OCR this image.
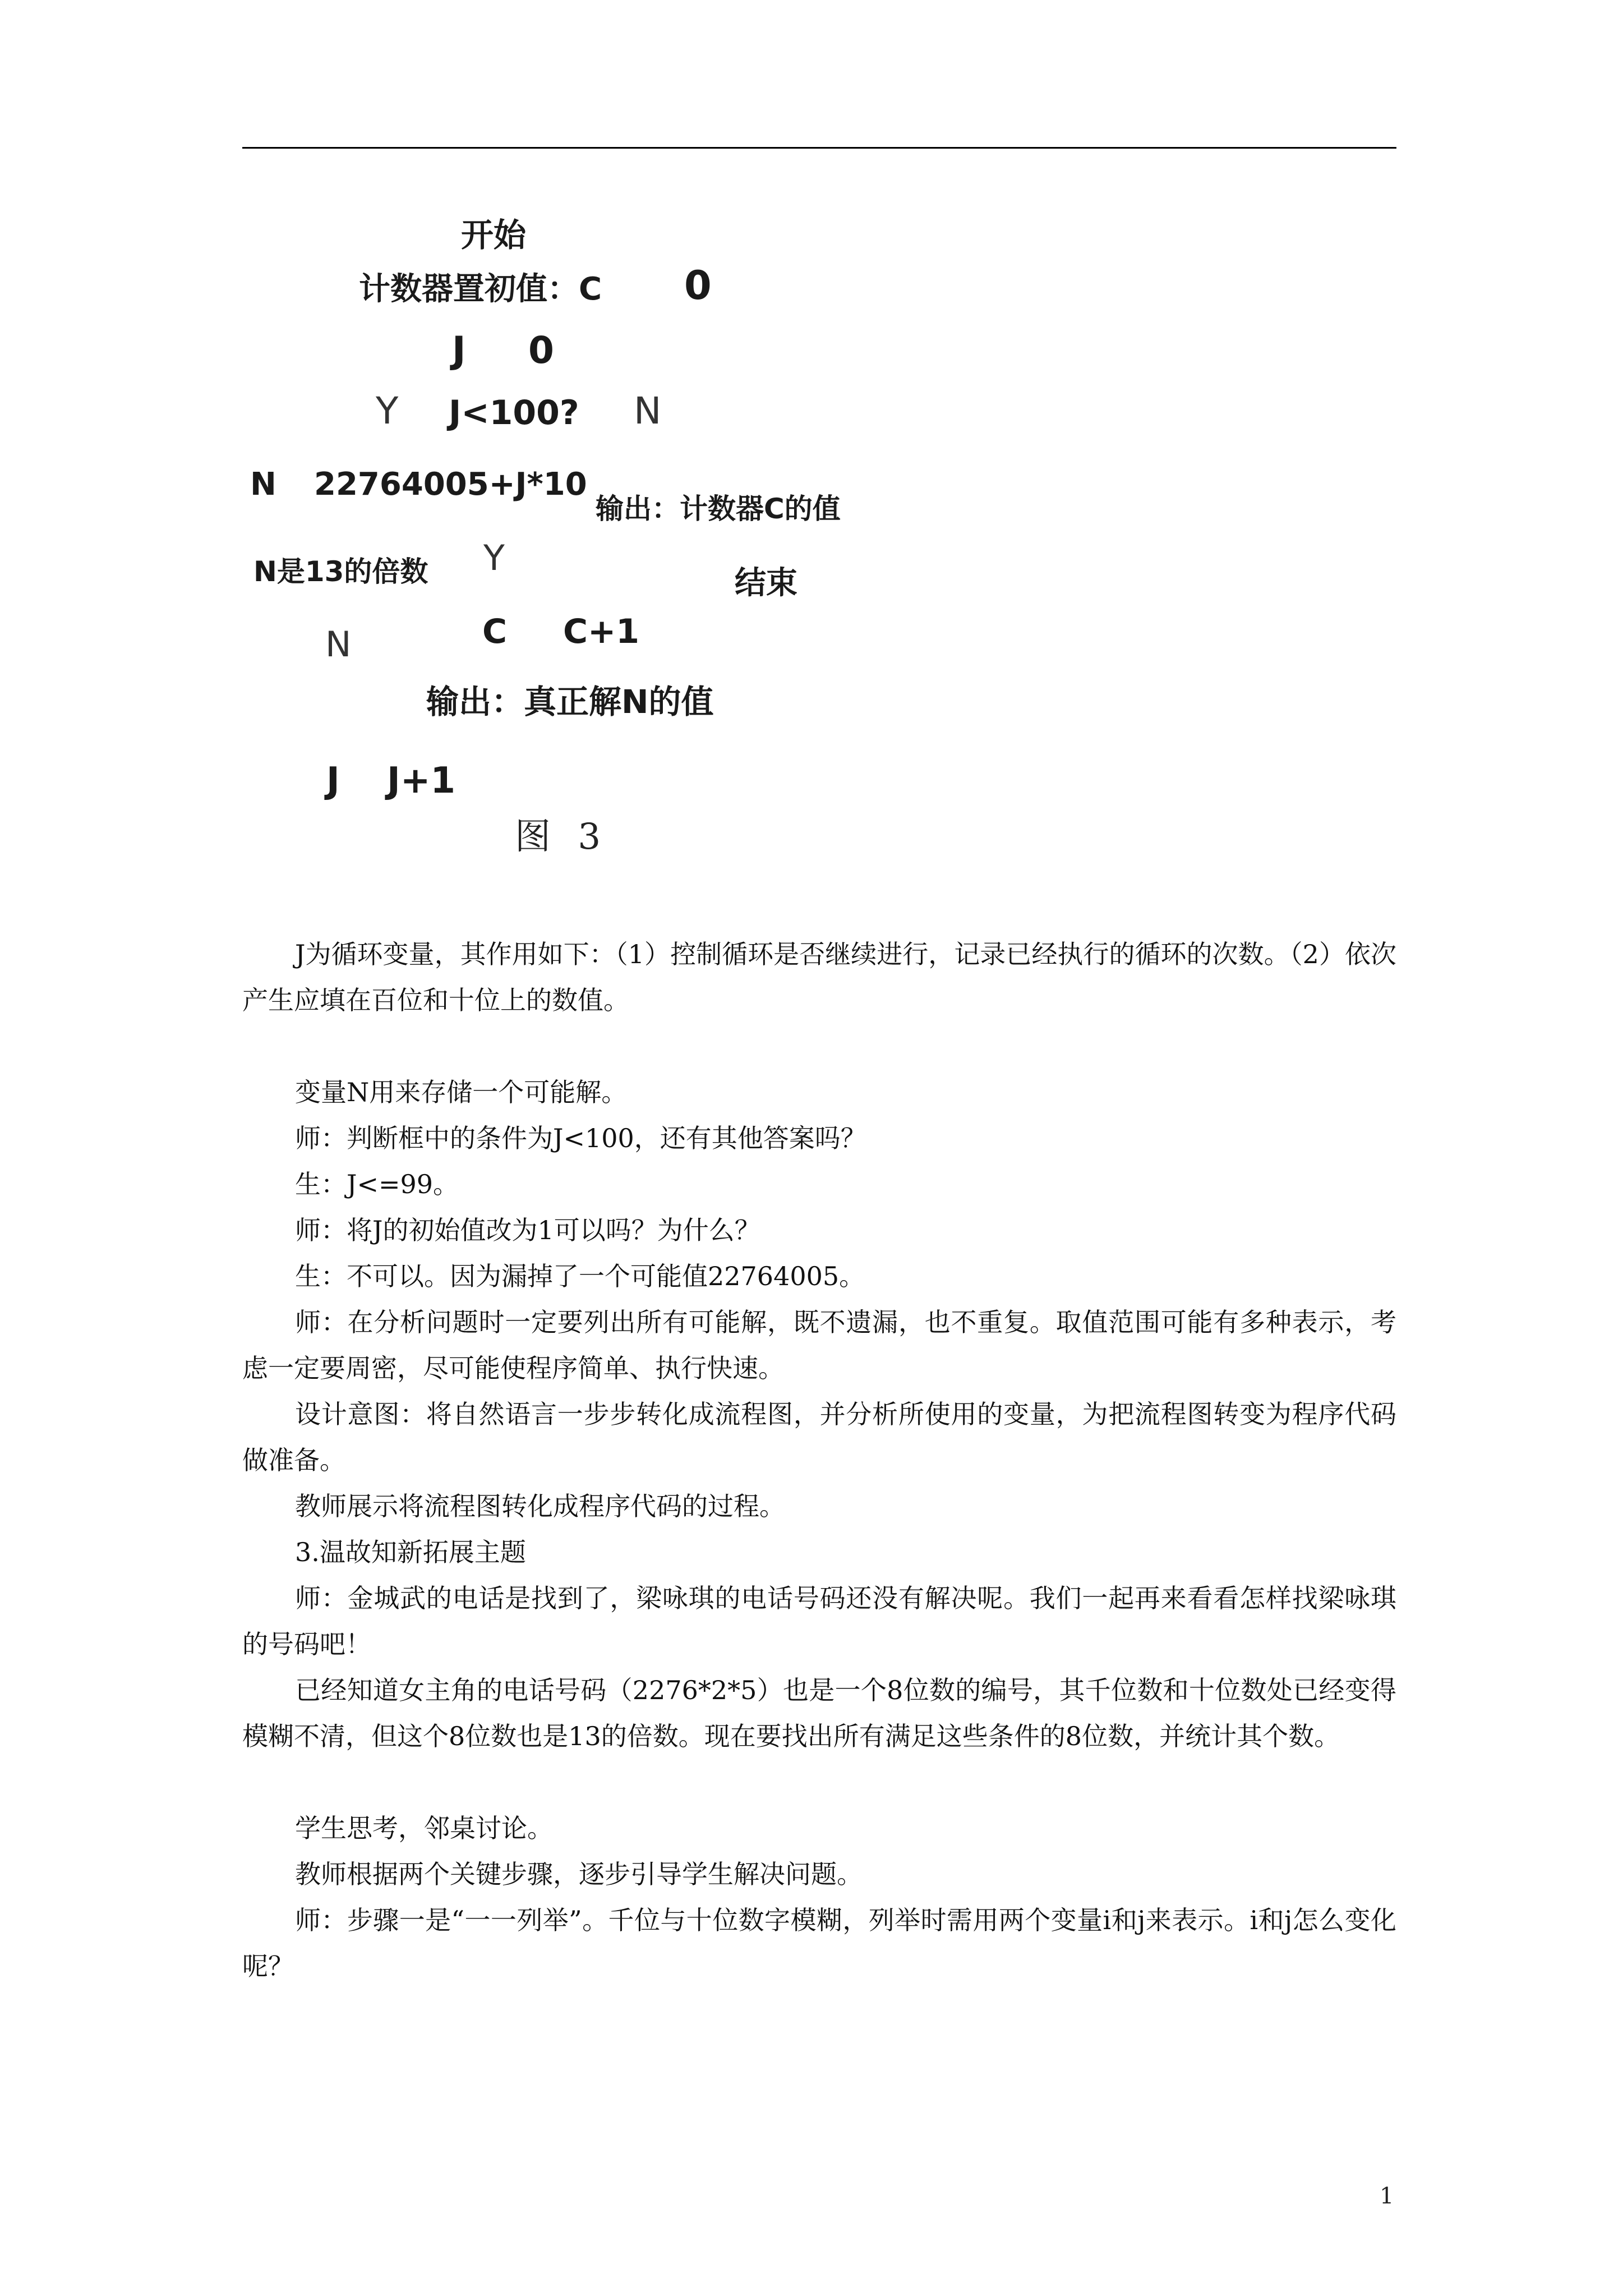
开始
计数器置初值：C 0
J 0
Y J<100? N
N 22764005+J*10
输出：计数器C的值
Y
N是13的倍数	结束
N	C C+1
输出：真正解N的值
J J+1
图 3

J为循环变量，其作用如下：（1）控制循环是否继续进行，记录已经执行的循环的次数。（2）依次产生应填在百位和十位上的数值。

变量N用来存储一个可能解。

师：判断框中的条件为J<100，还有其他答案吗？

生：J<=99。

师：将J的初始值改为1可以吗？为什么？

生：不可以。因为漏掉了一个可能值22764005。

师：在分析问题时一定要列出所有可能解，既不遗漏，也不重复。取值范围可能有多种表示，考虑一定要周密，尽可能使程序简单、执行快速。

设计意图：将自然语言一步步转化成流程图，并分析所使用的变量，为把流程图转变为程序代码做准备。

教师展示将流程图转化成程序代码的过程。

3.温故知新拓展主题

师：金城武的电话是找到了，梁咏琪的电话号码还没有解决呢。我们一起再来看看怎样找梁咏琪的号码吧！

已经知道女主角的电话号码（2276*2*5）也是一个8位数的编号，其千位数和十位数处已经变得模糊不清，但这个8位数也是13的倍数。现在要找出所有满足这些条件的8位数，并统计其个数。

学生思考，邻桌讨论。

教师根据两个关键步骤，逐步引导学生解决问题。

师：步骤一是“一一列举”。千位与十位数字模糊，列举时需用两个变量i和j来表示。i和j怎么变化呢？

1
